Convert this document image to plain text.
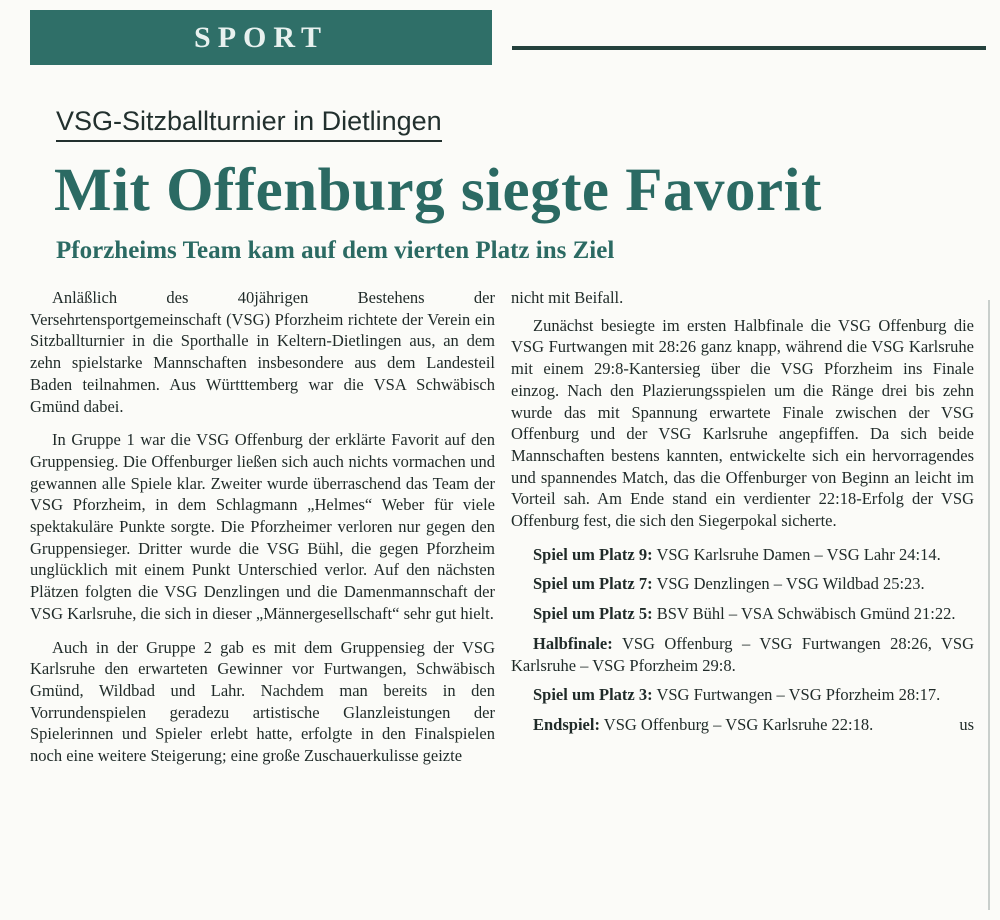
SPORT
VSG-Sitzballturnier in Dietlingen
Mit Offenburg siegte Favorit
Pforzheims Team kam auf dem vierten Platz ins Ziel

Anläßlich des 40jährigen Bestehens der Versehrtensportgemeinschaft (VSG) Pforzheim richtete der Verein ein Sitzballturnier in die Sporthalle in Keltern-Dietlingen aus, an dem zehn spielstarke Mannschaften insbesondere aus dem Landesteil Baden teilnahmen. Aus Württtemberg war die VSA Schwäbisch Gmünd dabei.

In Gruppe 1 war die VSG Offenburg der erklärte Favorit auf den Gruppensieg. Die Offenburger ließen sich auch nichts vormachen und gewannen alle Spiele klar. Zweiter wurde überraschend das Team der VSG Pforzheim, in dem Schlagmann „Helmes“ Weber für viele spektakuläre Punkte sorgte. Die Pforzheimer verloren nur gegen den Gruppensieger. Dritter wurde die VSG Bühl, die gegen Pforzheim unglücklich mit einem Punkt Unterschied verlor. Auf den nächsten Plätzen folgten die VSG Denzlingen und die Damenmannschaft der VSG Karlsruhe, die sich in dieser „Männergesellschaft“ sehr gut hielt.

Auch in der Gruppe 2 gab es mit dem Gruppensieg der VSG Karlsruhe den erwarteten Gewinner vor Furtwangen, Schwäbisch Gmünd, Wildbad und Lahr. Nachdem man bereits in den Vorrundenspielen geradezu artistische Glanzleistungen der Spielerinnen und Spieler erlebt hatte, erfolgte in den Finalspielen noch eine weitere Steigerung; eine große Zuschauerkulisse geizte

nicht mit Beifall.

Zunächst besiegte im ersten Halbfinale die VSG Offenburg die VSG Furtwangen mit 28:26 ganz knapp, während die VSG Karlsruhe mit einem 29:8-Kantersieg über die VSG Pforzheim ins Finale einzog. Nach den Plazierungsspielen um die Ränge drei bis zehn wurde das mit Spannung erwartete Finale zwischen der VSG Offenburg und der VSG Karlsruhe angepfiffen. Da sich beide Mannschaften bestens kannten, entwickelte sich ein hervorragendes und spannendes Match, das die Offenburger von Beginn an leicht im Vorteil sah. Am Ende stand ein verdienter 22:18-Erfolg der VSG Offenburg fest, die sich den Siegerpokal sicherte.

Spiel um Platz 9: VSG Karlsruhe Damen – VSG Lahr 24:14.

Spiel um Platz 7: VSG Denzlingen – VSG Wildbad 25:23.

Spiel um Platz 5: BSV Bühl – VSA Schwäbisch Gmünd 21:22.

Halbfinale: VSG Offenburg – VSG Furtwangen 28:26, VSG Karlsruhe – VSG Pforzheim 29:8.

Spiel um Platz 3: VSG Furtwangen – VSG Pforzheim 28:17.

Endspiel: VSG Offenburg – VSG Karlsruhe 22:18.	us
